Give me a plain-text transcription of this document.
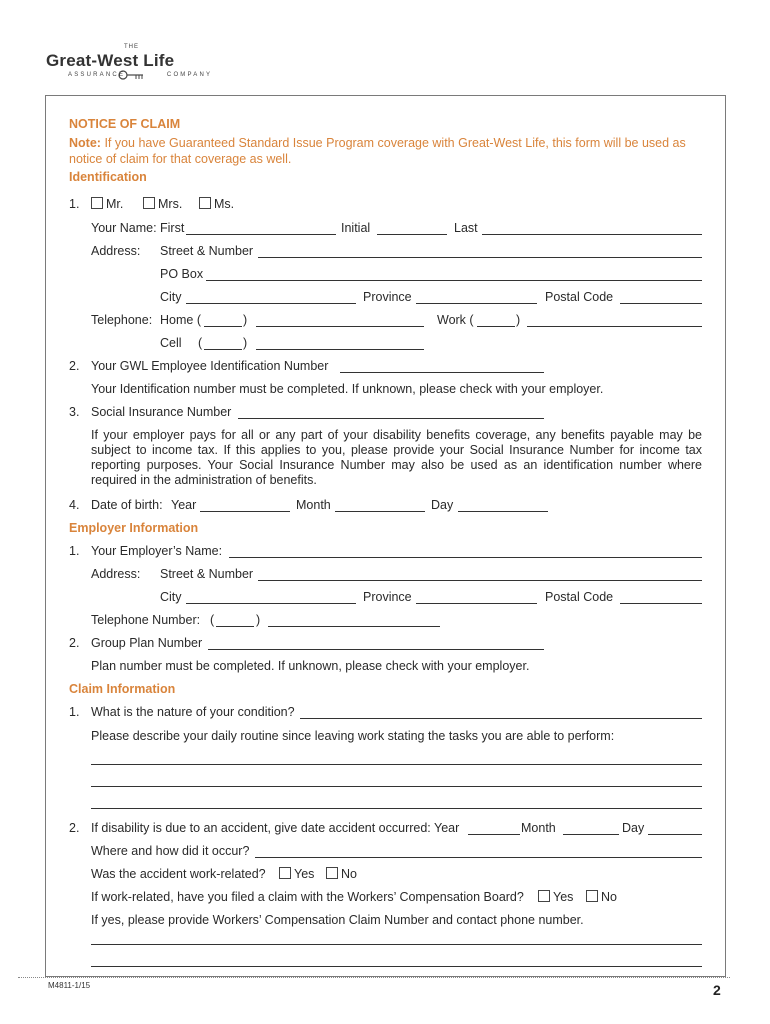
THE
Great-West Life
ASSURANCE	COMPANY
NOTICE OF CLAIM
Note: If you have Guaranteed Standard Issue Program coverage with Great-West Life, this form will be used as notice of claim for that coverage as well.
Identification
1.	Mr.	Mrs.	Ms.
Your Name: First	Initial	Last
Address: Street & Number
PO Box
City	Province	Postal Code
Telephone: Home (	)	Work (	)
Cell (	)
2. Your GWL Employee Identification Number
Your Identification number must be completed. If unknown, please check with your employer.
3. Social Insurance Number
If your employer pays for all or any part of your disability benefits coverage, any benefits payable may be subject to income tax. If this applies to you, please provide your Social Insurance Number for income tax reporting purposes. Your Social Insurance Number may also be used as an identification number where required in the administration of benefits.
4. Date of birth: Year	Month	Day
Employer Information
1. Your Employer’s Name:
Address: Street & Number
City	Province	Postal Code
Telephone Number: (	)
2. Group Plan Number
Plan number must be completed. If unknown, please check with your employer.
Claim Information
1. What is the nature of your condition?
Please describe your daily routine since leaving work stating the tasks you are able to perform:
2. If disability is due to an accident, give date accident occurred: Year	Month	Day
Where and how did it occur?
Was the accident work-related?	Yes	No
If work-related, have you filed a claim with the Workers’ Compensation Board?	Yes	No
If yes, please provide Workers’ Compensation Claim Number and contact phone number.
M4811-1/15	2
